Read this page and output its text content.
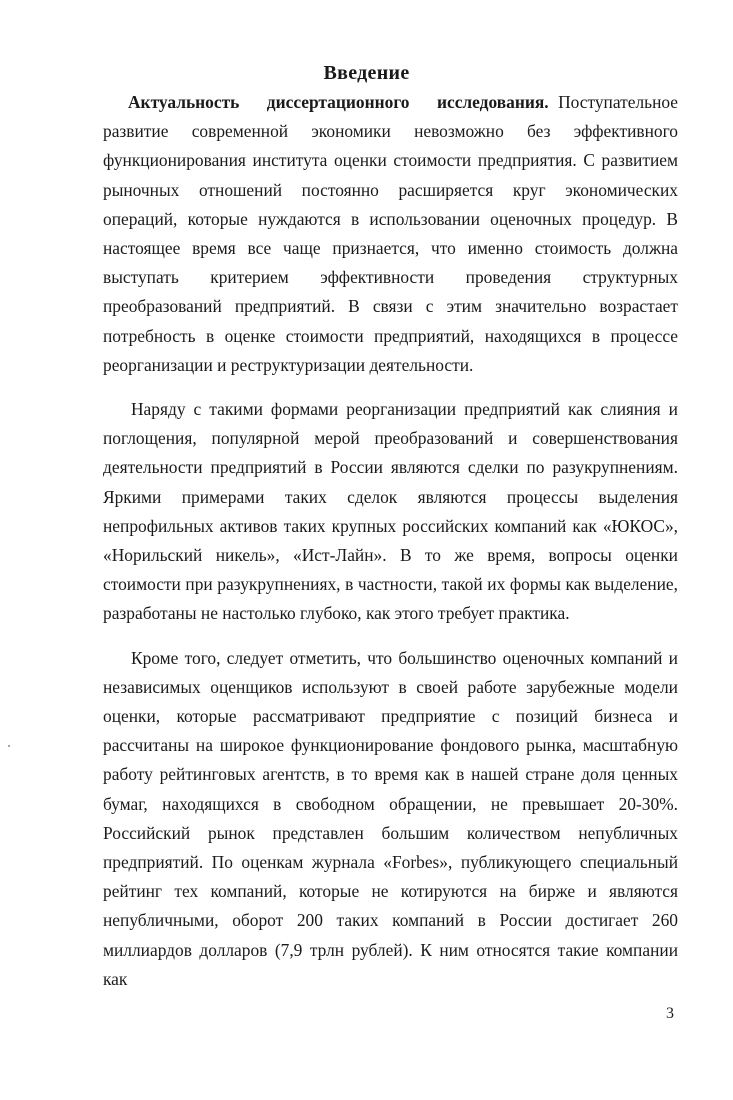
Введение

Актуальность диссертационного исследования. Поступательное развитие современной экономики невозможно без эффективного функционирования института оценки стоимости предприятия. С развитием рыночных отношений постоянно расширяется круг экономических операций, которые нуждаются в использовании оценочных процедур. В настоящее время все чаще признается, что именно стоимость должна выступать критерием эффективности проведения структурных преобразований предприятий. В связи с этим значительно возрастает потребность в оценке стоимости предприятий, находящихся в процессе реорганизации и реструктуризации деятельности.

Наряду с такими формами реорганизации предприятий как слияния и поглощения, популярной мерой преобразований и совершенствования деятельности предприятий в России являются сделки по разукрупнениям. Яркими примерами таких сделок являются процессы выделения непрофильных активов таких крупных российских компаний как «ЮКОС», «Норильский никель», «Ист-Лайн». В то же время, вопросы оценки стоимости при разукрупнениях, в частности, такой их формы как выделение, разработаны не настолько глубоко, как этого требует практика.

Кроме того, следует отметить, что большинство оценочных компаний и независимых оценщиков используют в своей работе зарубежные модели оценки, которые рассматривают предприятие с позиций бизнеса и рассчитаны на широкое функционирование фондового рынка, масштабную работу рейтинговых агентств, в то время как в нашей стране доля ценных бумаг, находящихся в свободном обращении, не превышает 20-30%. Российский рынок представлен большим количеством непубличных предприятий. По оценкам журнала «Forbes», публикующего специальный рейтинг тех компаний, которые не котируются на бирже и являются непубличными, оборот 200 таких компаний в России достигает 260 миллиардов долларов (7,9 трлн рублей). К ним относятся такие компании как

3
